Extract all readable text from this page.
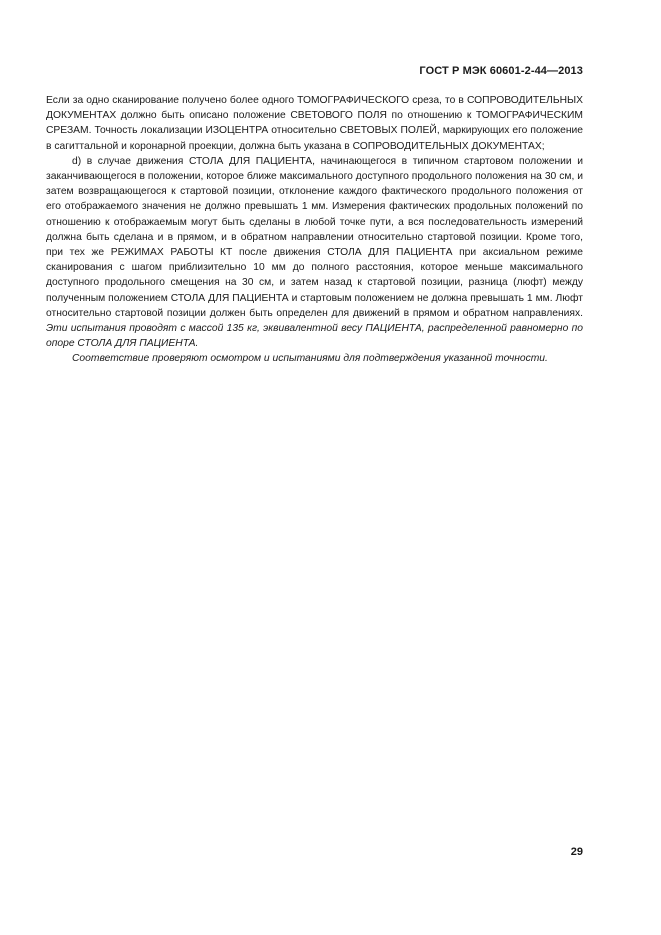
ГОСТ Р МЭК 60601-2-44—2013

Если за одно сканирование получено более одного ТОМОГРАФИЧЕСКОГО среза, то в СОПРОВОДИТЕЛЬНЫХ ДОКУМЕНТАХ должно быть описано положение СВЕТОВОГО ПОЛЯ по отношению к ТОМОГРАФИЧЕСКИМ СРЕЗАМ. Точность локализации ИЗОЦЕНТРА относительно СВЕТОВЫХ ПОЛЕЙ, маркирующих его положение в сагиттальной и коронарной проекции, должна быть указана в СОПРОВОДИТЕЛЬНЫХ ДОКУМЕНТАХ;

d) в случае движения СТОЛА ДЛЯ ПАЦИЕНТА, начинающегося в типичном стартовом положении и заканчивающегося в положении, которое ближе максимального доступного продольного положения на 30 см, и затем возвращающегося к стартовой позиции, отклонение каждого фактического продольного положения от его отображаемого значения не должно превышать 1 мм. Измерения фактических продольных положений по отношению к отображаемым могут быть сделаны в любой точке пути, а вся последовательность измерений должна быть сделана и в прямом, и в обратном направлении относительно стартовой позиции. Кроме того, при тех же РЕЖИМАХ РАБОТЫ КТ после движения СТОЛА ДЛЯ ПАЦИЕНТА при аксиальном режиме сканирования с шагом приблизительно 10 мм до полного расстояния, которое меньше максимального доступного продольного смещения на 30 см, и затем назад к стартовой позиции, разница (люфт) между полученным положением СТОЛА ДЛЯ ПАЦИЕНТА и стартовым положением не должна превышать 1 мм. Люфт относительно стартовой позиции должен быть определен для движений в прямом и обратном направлениях. Эти испытания проводят с массой 135 кг, эквивалентной весу ПАЦИЕНТА, распределенной равномерно по опоре СТОЛА ДЛЯ ПАЦИЕНТА.

Соответствие проверяют осмотром и испытаниями для подтверждения указанной точности.

29
